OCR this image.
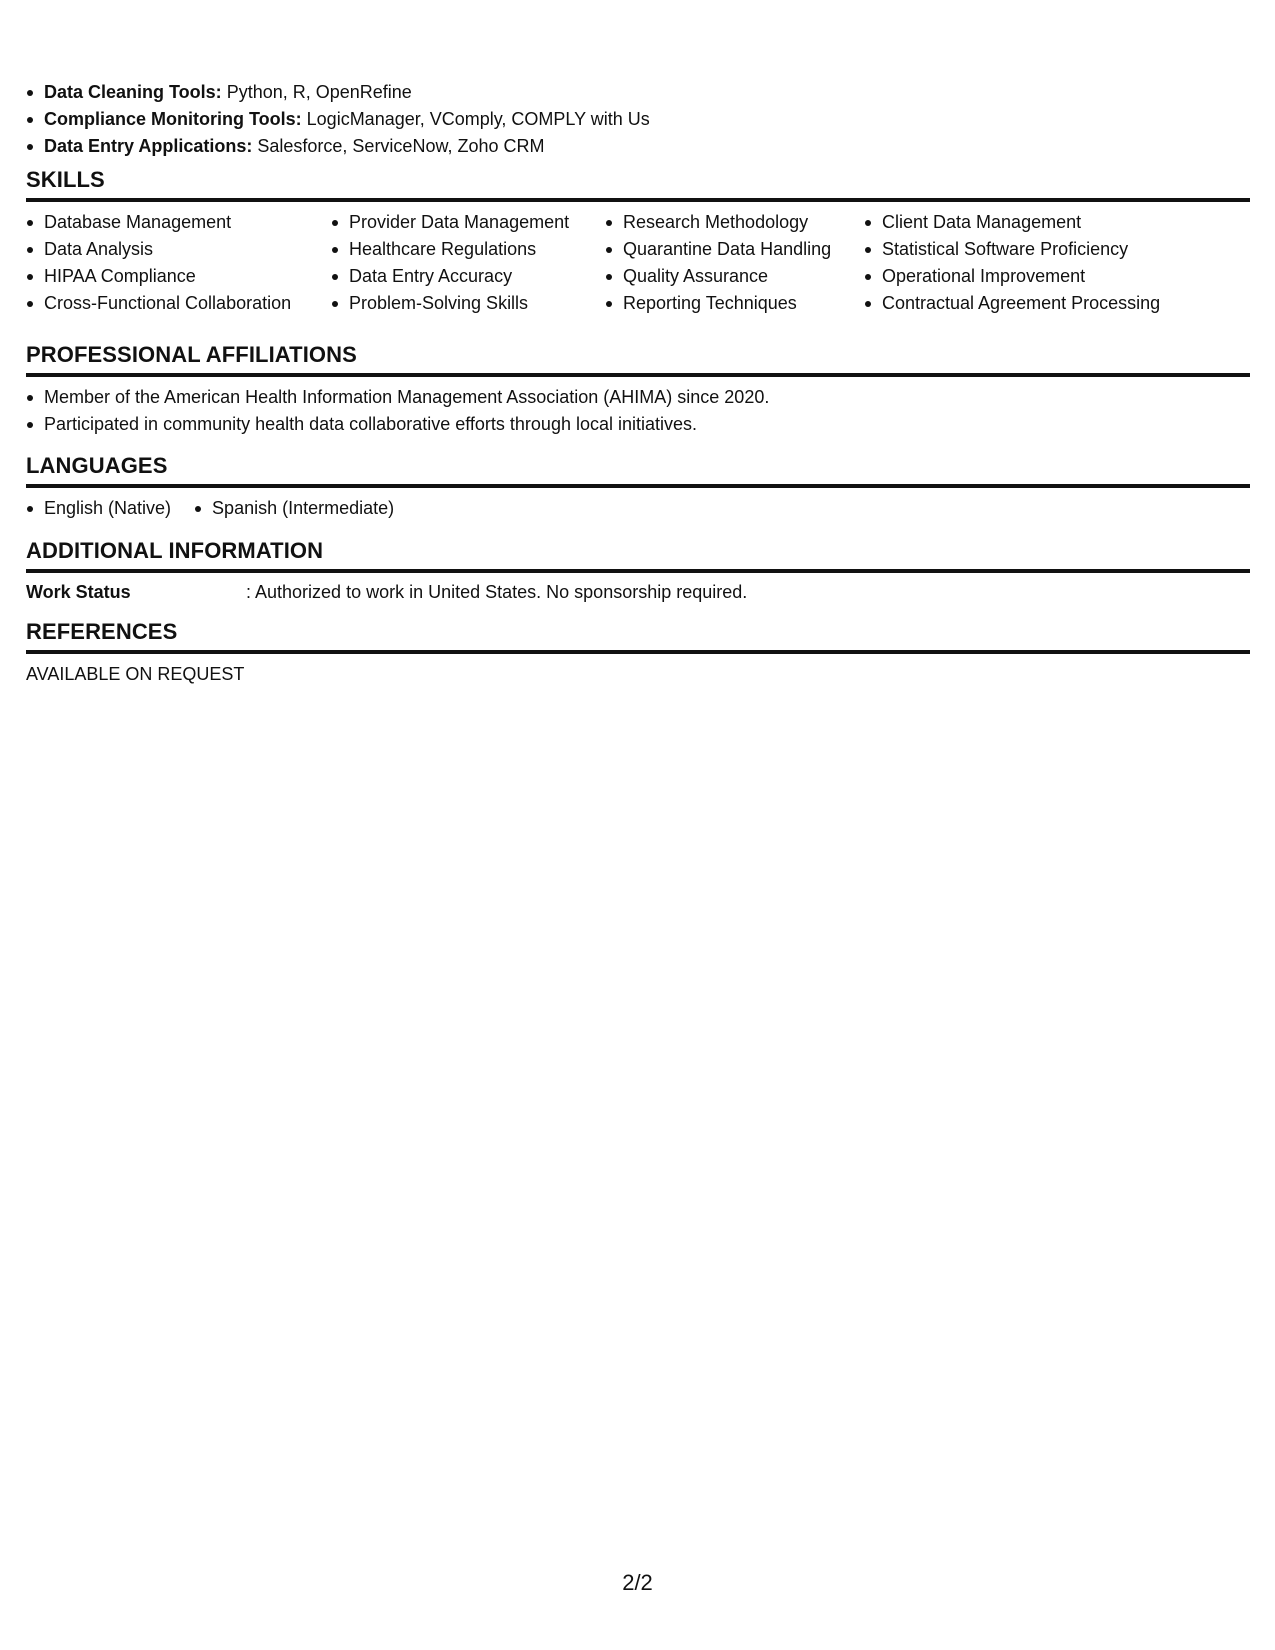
Data Cleaning Tools: Python, R, OpenRefine
Compliance Monitoring Tools: LogicManager, VComply, COMPLY with Us
Data Entry Applications: Salesforce, ServiceNow, Zoho CRM
SKILLS
Database Management
Data Analysis
HIPAA Compliance
Cross-Functional Collaboration
Provider Data Management
Healthcare Regulations
Data Entry Accuracy
Problem-Solving Skills
Research Methodology
Quarantine Data Handling
Quality Assurance
Reporting Techniques
Client Data Management
Statistical Software Proficiency
Operational Improvement
Contractual Agreement Processing
PROFESSIONAL AFFILIATIONS
Member of the American Health Information Management Association (AHIMA) since 2020.
Participated in community health data collaborative efforts through local initiatives.
LANGUAGES
English (Native)	Spanish (Intermediate)
ADDITIONAL INFORMATION
Work Status	: Authorized to work in United States. No sponsorship required.
REFERENCES
AVAILABLE ON REQUEST
2/2
